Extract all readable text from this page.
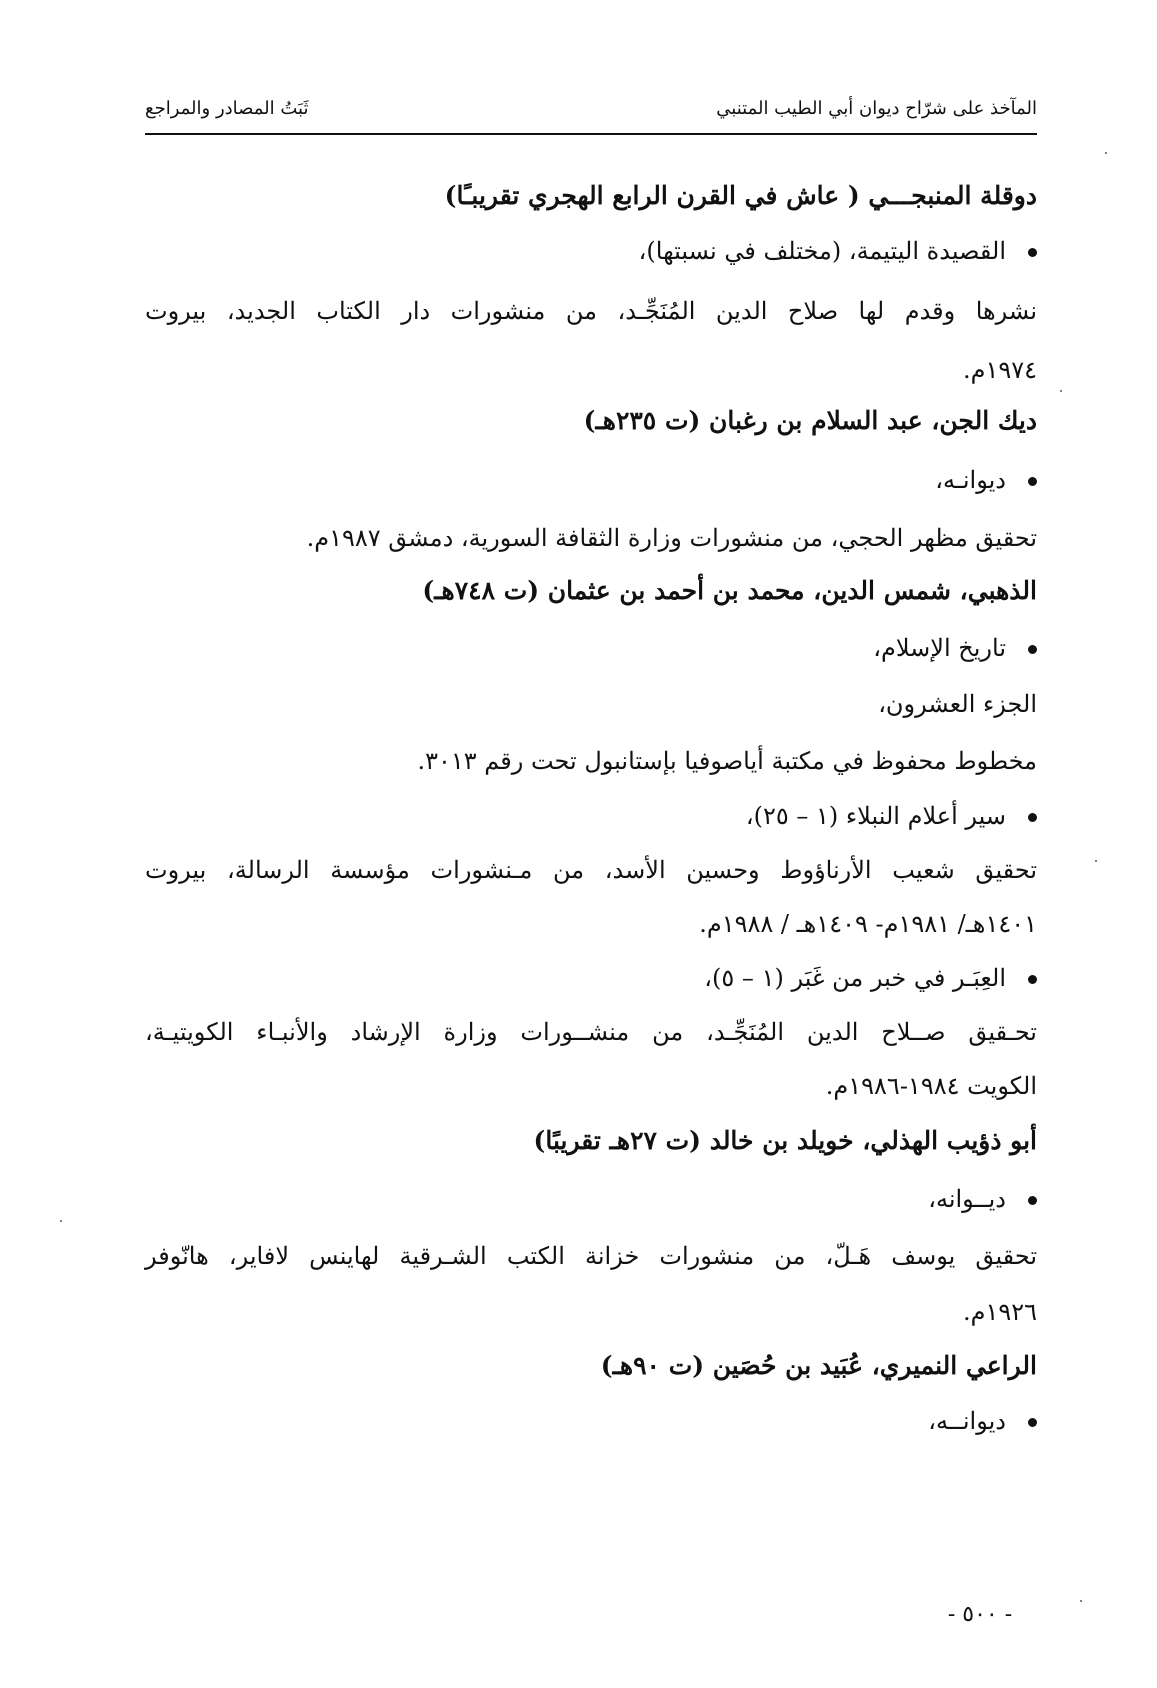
المآخذ على شرّاح ديوان أبي الطيب المتنبي
ثَبَتُ المصادر والمراجع
دوقلة المنبجـــي ( عاش في القرن الرابع الهجري تقريبـًا)
القصيدة اليتيمة، (مختلف في نسبتها)،
نشرها وقدم لها صلاح الدين المُنَجِّـد، من منشورات دار الكتاب الجديد، بيروت
١٩٧٤م.
ديك الجن، عبد السلام بن رغبان (ت ٢٣٥هـ)
ديوانـه،
تحقيق مظهر الحجي، من منشورات وزارة الثقافة السورية، دمشق ١٩٨٧م.
الذهبي، شمس الدين، محمد بن أحمد بن عثمان (ت ٧٤٨هـ)
تاريخ الإسلام،
الجزء العشرون،
مخطوط محفوظ في مكتبة أياصوفيا بإستانبول تحت رقم ٣٠١٣.
سير أعلام النبلاء (١ – ٢٥)،
تحقيق شعيب الأرناؤوط وحسين الأسد، من مـنشورات مؤسسة الرسالة، بيروت
١٤٠١هـ/ ١٩٨١م- ١٤٠٩هـ / ١٩٨٨م.
العِبَـر في خبر من غَبَر (١ – ٥)،
تحـقيق صــلاح الدين المُنَجِّـد، من منشــورات وزارة الإرشاد والأنبـاء الكويتيـة،
الكويت ١٩٨٤-١٩٨٦م.
أبو ذؤيب الهذلي، خويلد بن خالد (ت ٢٧هـ تقريبًا)
ديــوانه،
تحقيق يوسف هَـلّ، من منشورات خزانة الكتب الشـرقية لهاينس لافاير، هانّوفر
١٩٢٦م.
الراعي النميري، عُبَيد بن حُصَين (ت ٩٠هـ)
ديوانــه،
- ٥٠٠ -
